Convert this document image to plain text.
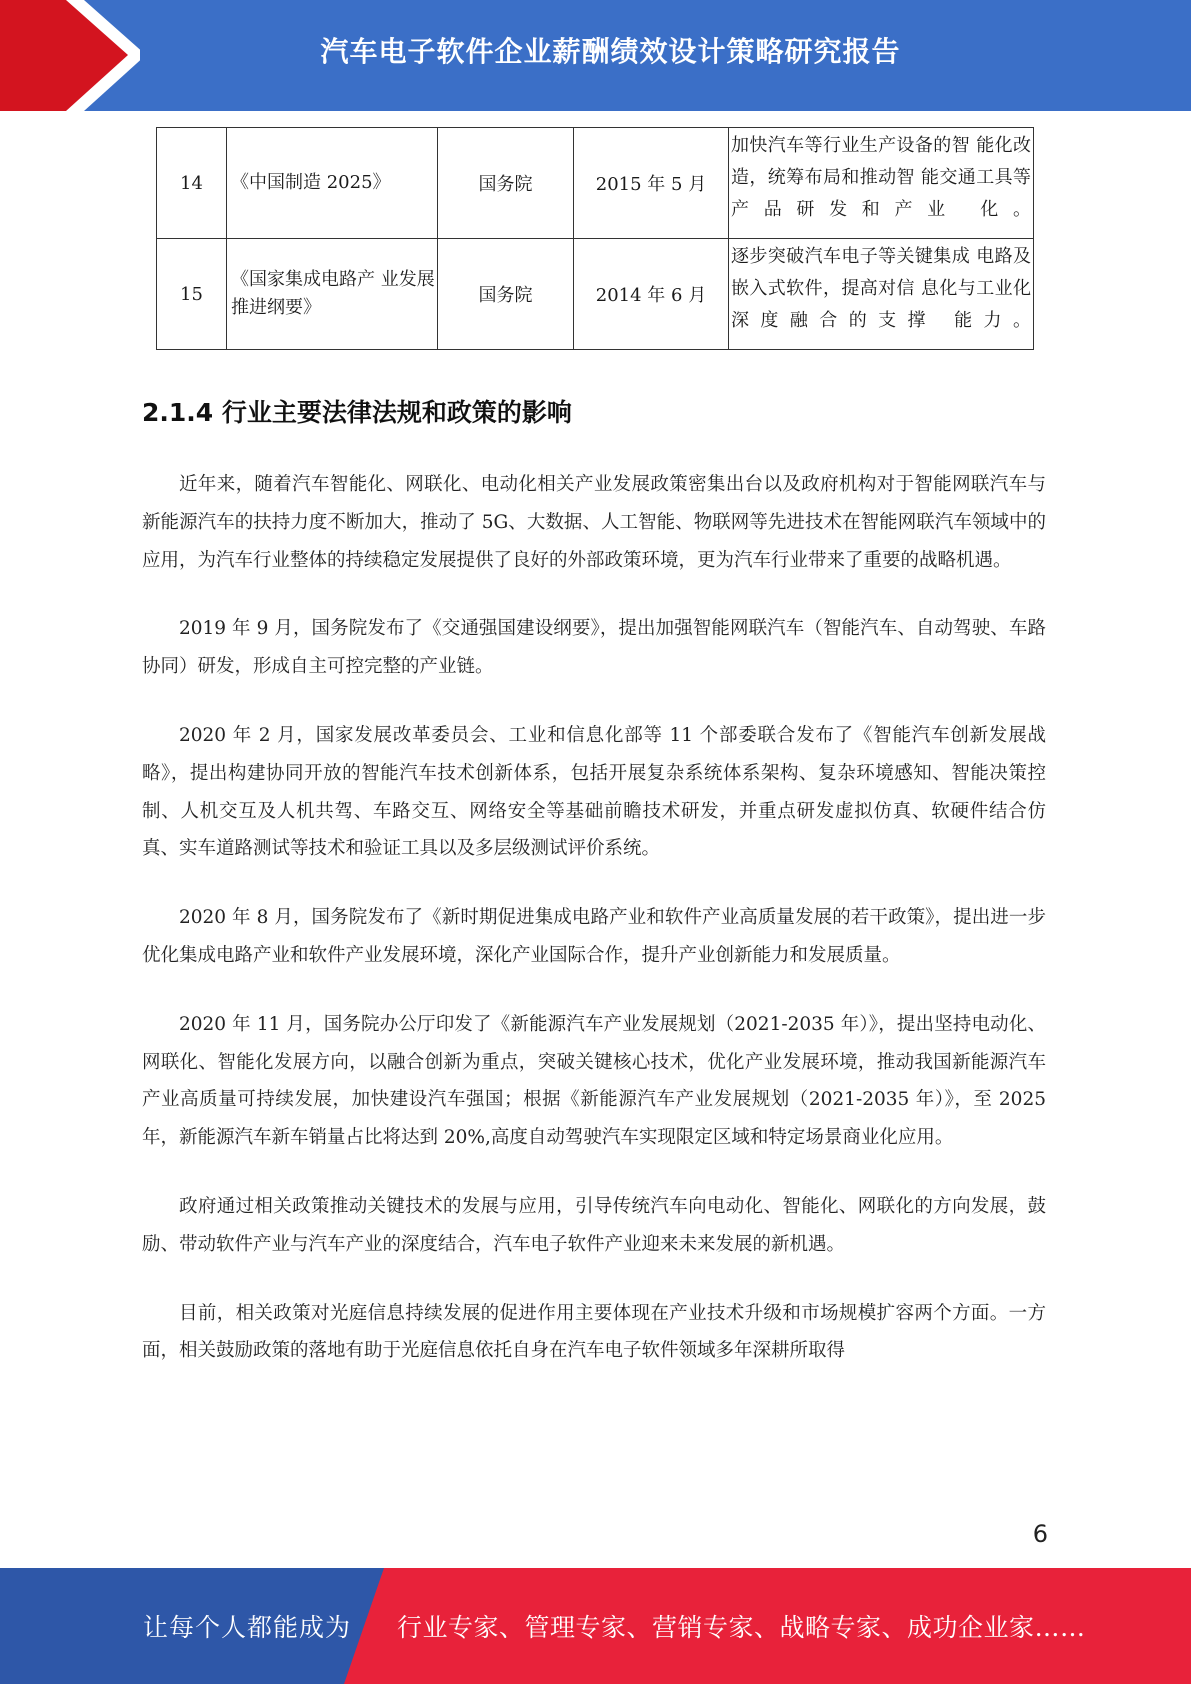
汽车电子软件企业薪酬绩效设计策略研究报告
14	《中国制造 2025》	国务院	2015 年 5 月	加快汽车等行业生产设备的智 能化改造，统筹布局和推动智 能交通工具等产品研发和产业 化。
15	《国家集成电路产 业发展推进纲要》	国务院	2014 年 6 月	逐步突破汽车电子等关键集成 电路及嵌入式软件，提高对信 息化与工业化深度融合的支撑 能力。
2.1.4 行业主要法律法规和政策的影响

近年来，随着汽车智能化、网联化、电动化相关产业发展政策密集出台以及政府机构对于智能网联汽车与新能源汽车的扶持力度不断加大，推动了 5G、大数据、人工智能、物联网等先进技术在智能网联汽车领域中的应用，为汽车行业整体的持续稳定发展提供了良好的外部政策环境，更为汽车行业带来了重要的战略机遇。

2019 年 9 月，国务院发布了《交通强国建设纲要》，提出加强智能网联汽车（智能汽车、自动驾驶、车路协同）研发，形成自主可控完整的产业链。

2020 年 2 月，国家发展改革委员会、工业和信息化部等 11 个部委联合发布了《智能汽车创新发展战略》，提出构建协同开放的智能汽车技术创新体系，包括开展复杂系统体系架构、复杂环境感知、智能决策控制、人机交互及人机共驾、车路交互、网络安全等基础前瞻技术研发，并重点研发虚拟仿真、软硬件结合仿真、实车道路测试等技术和验证工具以及多层级测试评价系统。

2020 年 8 月，国务院发布了《新时期促进集成电路产业和软件产业高质量发展的若干政策》，提出进一步优化集成电路产业和软件产业发展环境，深化产业国际合作，提升产业创新能力和发展质量。

2020 年 11 月，国务院办公厅印发了《新能源汽车产业发展规划（2021-2035 年）》，提出坚持电动化、网联化、智能化发展方向，以融合创新为重点，突破关键核心技术，优化产业发展环境，推动我国新能源汽车产业高质量可持续发展，加快建设汽车强国；根据《新能源汽车产业发展规划（2021-2035 年）》，至 2025 年，新能源汽车新车销量占比将达到 20%,高度自动驾驶汽车实现限定区域和特定场景商业化应用。

政府通过相关政策推动关键技术的发展与应用，引导传统汽车向电动化、智能化、网联化的方向发展，鼓励、带动软件产业与汽车产业的深度结合，汽车电子软件产业迎来未来发展的新机遇。

目前，相关政策对光庭信息持续发展的促进作用主要体现在产业技术升级和市场规模扩容两个方面。一方面，相关鼓励政策的落地有助于光庭信息依托自身在汽车电子软件领域多年深耕所取得

6
让每个人都能成为 行业专家、管理专家、营销专家、战略专家、成功企业家……
